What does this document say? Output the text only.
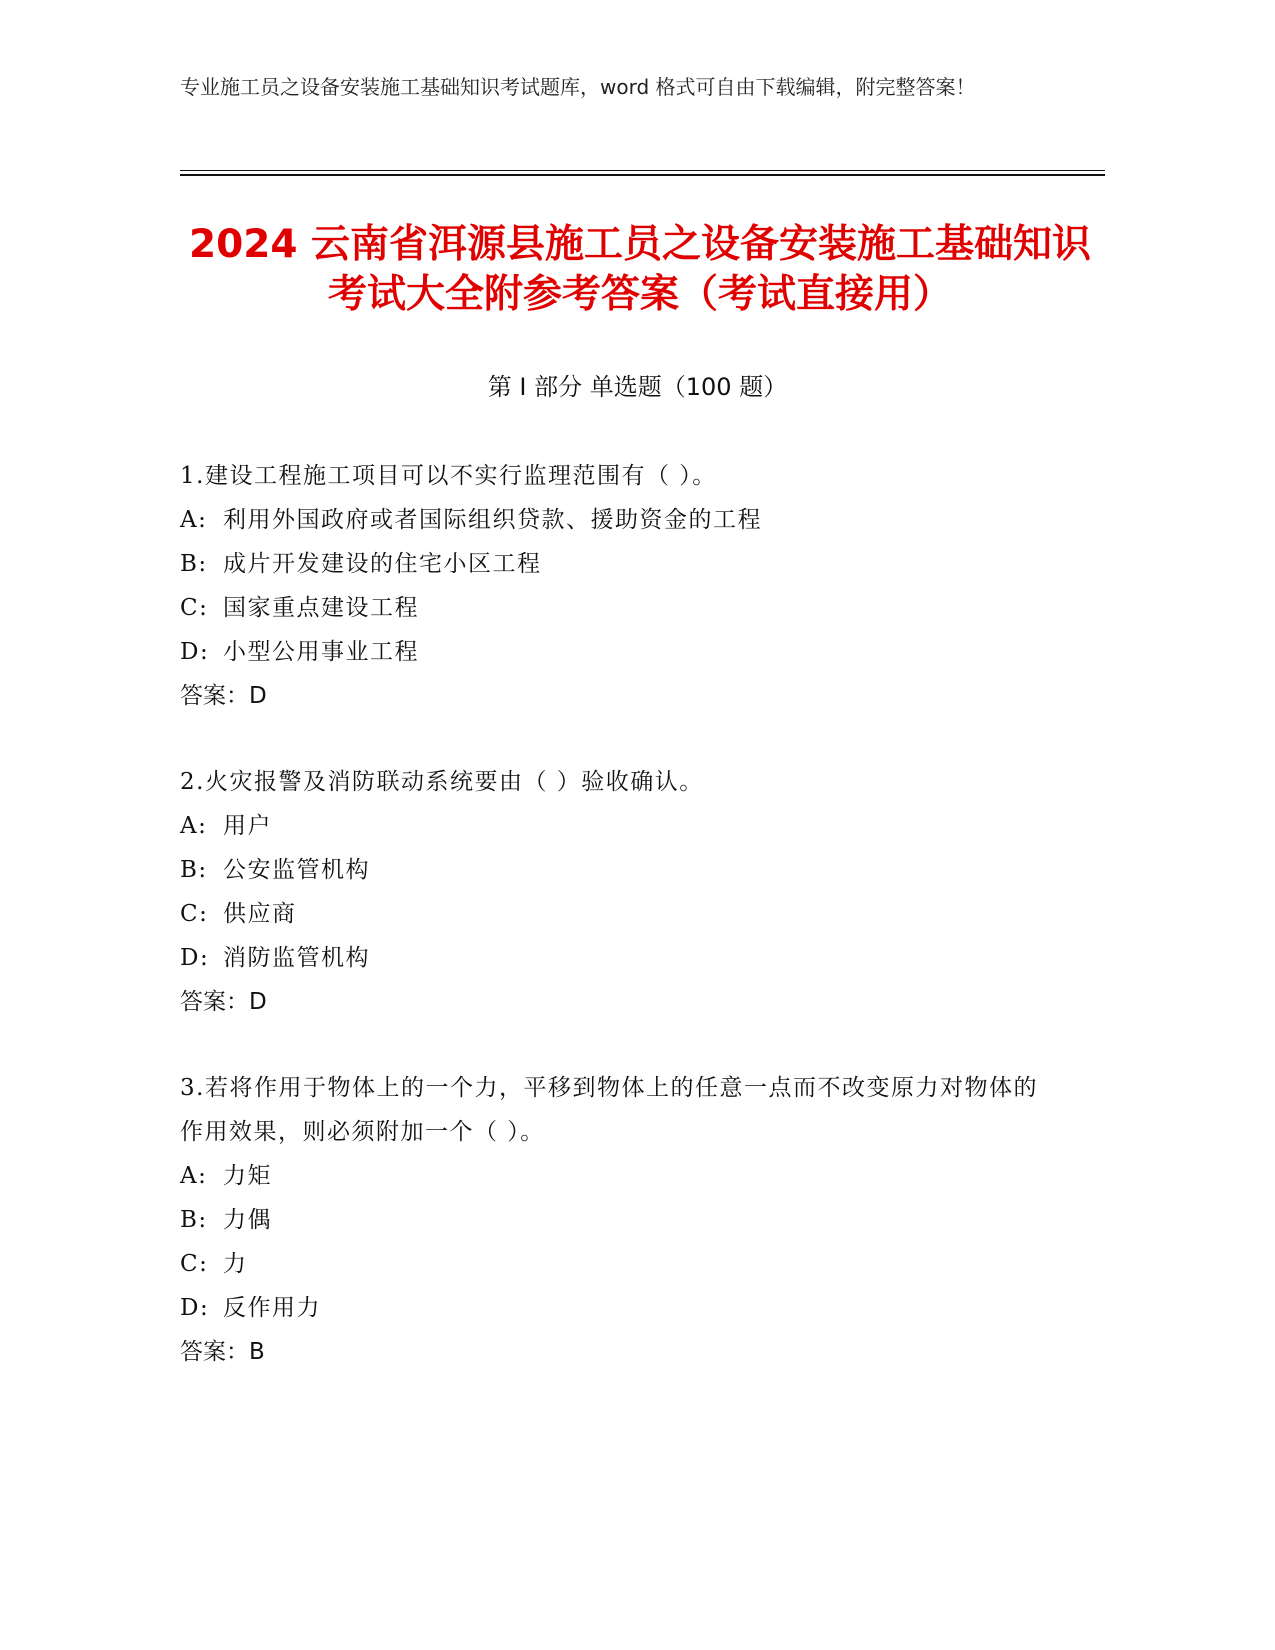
专业施工员之设备安装施工基础知识考试题库，word 格式可自由下载编辑，附完整答案！
2024 云南省洱源县施工员之设备安装施工基础知识考试大全附参考答案（考试直接用）
第 I 部分 单选题（100 题）
1.建设工程施工项目可以不实行监理范围有（ ）。
A: 利用外国政府或者国际组织贷款、援助资金的工程
B: 成片开发建设的住宅小区工程
C: 国家重点建设工程
D: 小型公用事业工程
答案：D
2.火灾报警及消防联动系统要由（ ）验收确认。
A: 用户
B: 公安监管机构
C: 供应商
D: 消防监管机构
答案：D
3.若将作用于物体上的一个力，平移到物体上的任意一点而不改变原力对物体的作用效果，则必须附加一个（ ）。
A: 力矩
B: 力偶
C: 力
D: 反作用力
答案：B
